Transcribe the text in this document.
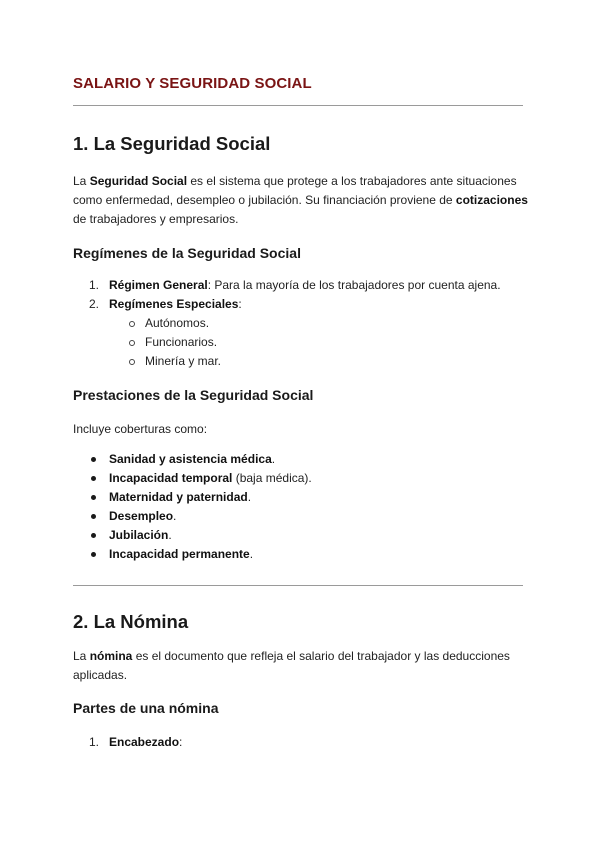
SALARIO Y SEGURIDAD SOCIAL
1. La Seguridad Social

La Seguridad Social es el sistema que protege a los trabajadores ante situaciones como enfermedad, desempleo o jubilación. Su financiación proviene de cotizaciones de trabajadores y empresarios.

Regímenes de la Seguridad Social
1. Régimen General: Para la mayoría de los trabajadores por cuenta ajena.
2. Regímenes Especiales:
Autónomos.
Funcionarios.
Minería y mar.
Prestaciones de la Seguridad Social

Incluye coberturas como:

Sanidad y asistencia médica.
Incapacidad temporal (baja médica).
Maternidad y paternidad.
Desempleo.
Jubilación.
Incapacidad permanente.
2. La Nómina

La nómina es el documento que refleja el salario del trabajador y las deducciones aplicadas.

Partes de una nómina
1. Encabezado:
